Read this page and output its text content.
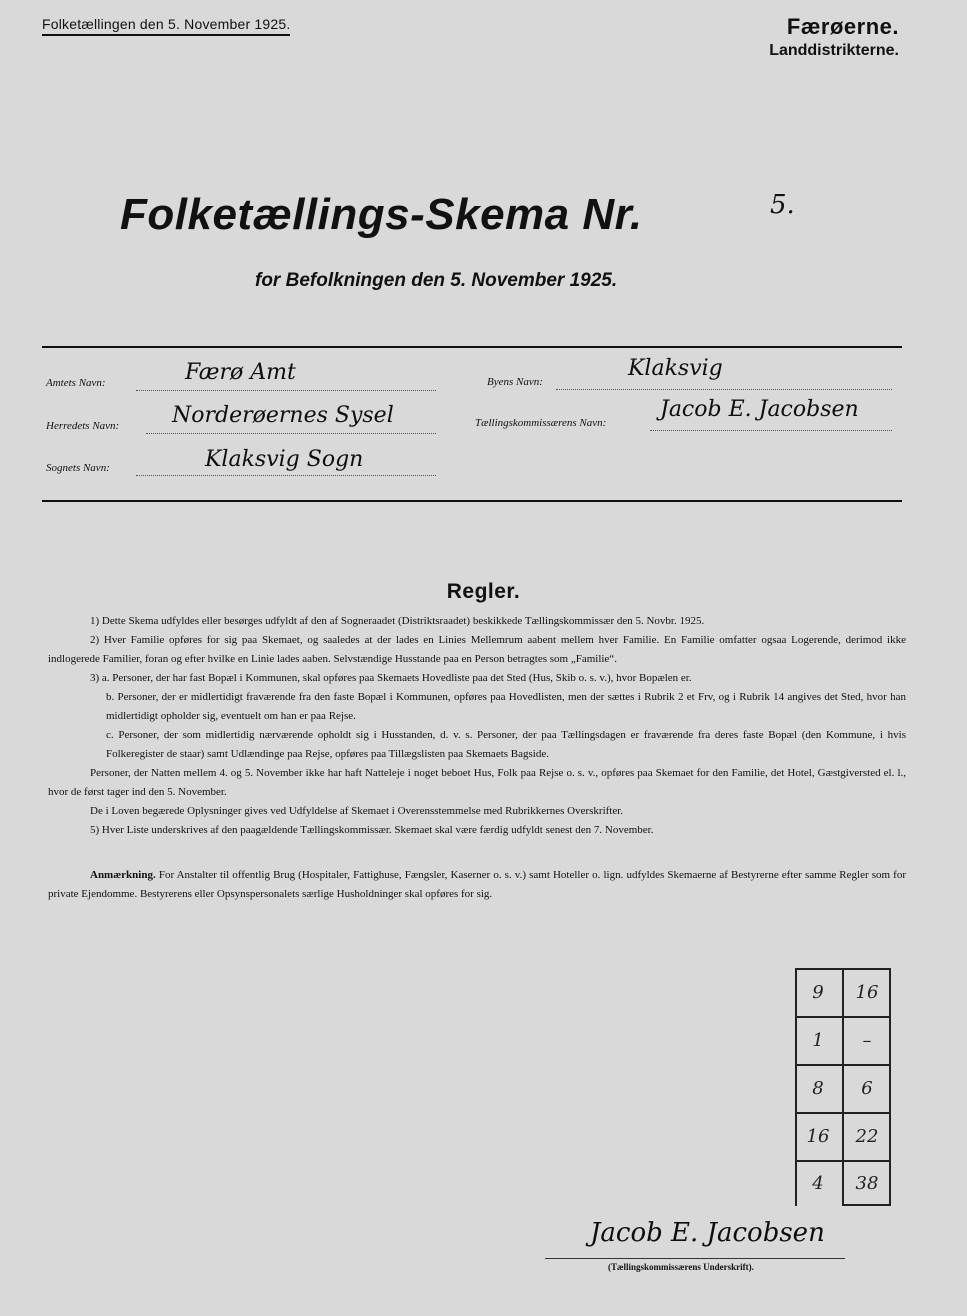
Folketællingen den 5. November 1925.	Færøerne.
Landdistrikterne.
Folketællings-Skema Nr.	5.
for Befolkningen den 5. November 1925.
Amtets Navn:	Færø Amt
Herredets Navn: Norderøernes Sysel
Sognets Navn:	Klaksvig Sogn
Byens Navn:
Klaksvig
Tællingskommissærens Navn:
Jacob E. Jacobsen
Regler.

1) Dette Skema udfyldes eller besørges udfyldt af den af Sogneraadet (Distriktsraadet) beskikkede Tællingskommissær den 5. Novbr. 1925.

2) Hver Familie opføres for sig paa Skemaet, og saaledes at der lades en Linies Mellemrum aabent mellem hver Familie. En Familie omfatter ogsaa Logerende, derimod ikke indlogerede Familier, foran og efter hvilke en Linie lades aaben. Selvstændige Husstande paa en Person betragtes som „Familie“.

3) a. Personer, der har fast Bopæl i Kommunen, skal opføres paa Skemaets Hovedliste paa det Sted (Hus, Skib o. s. v.), hvor Bopælen er.

b. Personer, der er midlertidigt fraværende fra den faste Bopæl i Kommunen, opføres paa Hovedlisten, men der sættes i Rubrik 2 et Frv, og i Rubrik 14 angives det Sted, hvor han midlertidigt opholder sig, eventuelt om han er paa Rejse.

c. Personer, der som midlertidig nærværende opholdt sig i Husstanden, d. v. s. Personer, der paa Tællingsdagen er fraværende fra deres faste Bopæl (den Kommune, i hvis Folkeregister de staar) samt Udlændinge paa Rejse, opføres paa Tillægslisten paa Skemaets Bagside.

Personer, der Natten mellem 4. og 5. November ikke har haft Natteleje i noget beboet Hus, Folk paa Rejse o. s. v., opføres paa Skemaet for den Familie, det Hotel, Gæstgiversted el. l., hvor de først tager ind den 5. November.

De i Loven begærede Oplysninger gives ved Udfyldelse af Skemaet i Overensstemmelse med Rubrikkernes Overskrifter.

5) Hver Liste underskrives af den paagældende Tællingskommissær. Skemaet skal være færdig udfyldt senest den 7. November.

Anmærkning. For Anstalter til offentlig Brug (Hospitaler, Fattighuse, Fængsler, Kaserner o. s. v.) samt Hoteller o. lign. udfyldes Skemaerne af Bestyrerne efter samme Regler som for private Ejendomme. Bestyrerens eller Opsynspersonalets særlige Husholdninger skal opføres for sig.
9	16
1	–
8	6
16	22
4	38
Jacob E. Jacobsen
(Tællingskommissærens Underskrift).
